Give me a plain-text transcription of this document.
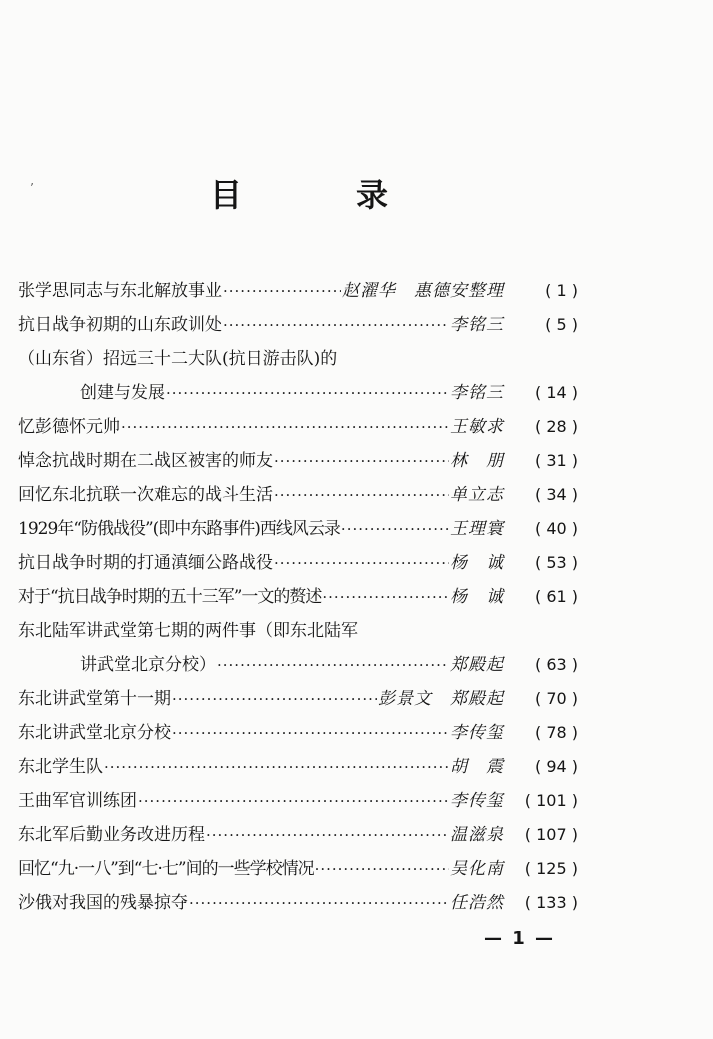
’	目	录
张学思同志与东北解放事业 ·····	赵濯华　惠德安整理	( 1 )
抗日战争初期的山东政训处 ·····	李铭三	( 5 )
（山东省）招远三十二大队(抗日游击队)的
创建与发展 ·····	李铭三	( 14 )
忆彭德怀元帅 ·····	王敏求	( 28 )
悼念抗战时期在二战区被害的师友 ·····	林　朋	( 31 )
回忆东北抗联一次难忘的战斗生活 ·····	单立志	( 34 )
1929年“防俄战役”(即中东路事件)西线风云录 ·····	王理寰	( 40 )
抗日战争时期的打通滇缅公路战役 ·····	杨　诚	( 53 )
对于“抗日战争时期的五十三军”一文的赘述 ·····	杨　诚	( 61 )
东北陆军讲武堂第七期的两件事（即东北陆军
讲武堂北京分校） ·····	郑殿起	( 63 )
东北讲武堂第十一期 ·····	彭景文　郑殿起	( 70 )
东北讲武堂北京分校 ·····	李传玺	( 78 )
东北学生队 ·····	胡　震	( 94 )
王曲军官训练团 ·····	李传玺	( 101 )
东北军后勤业务改进历程 ·····	温滋泉	( 107 )
回忆“九·一八”到“七·七”间的一些学校情况 ·····	吴化南	( 125 )
沙俄对我国的残暴掠夺 ·····	任浩然	( 133 )
— 1 —
